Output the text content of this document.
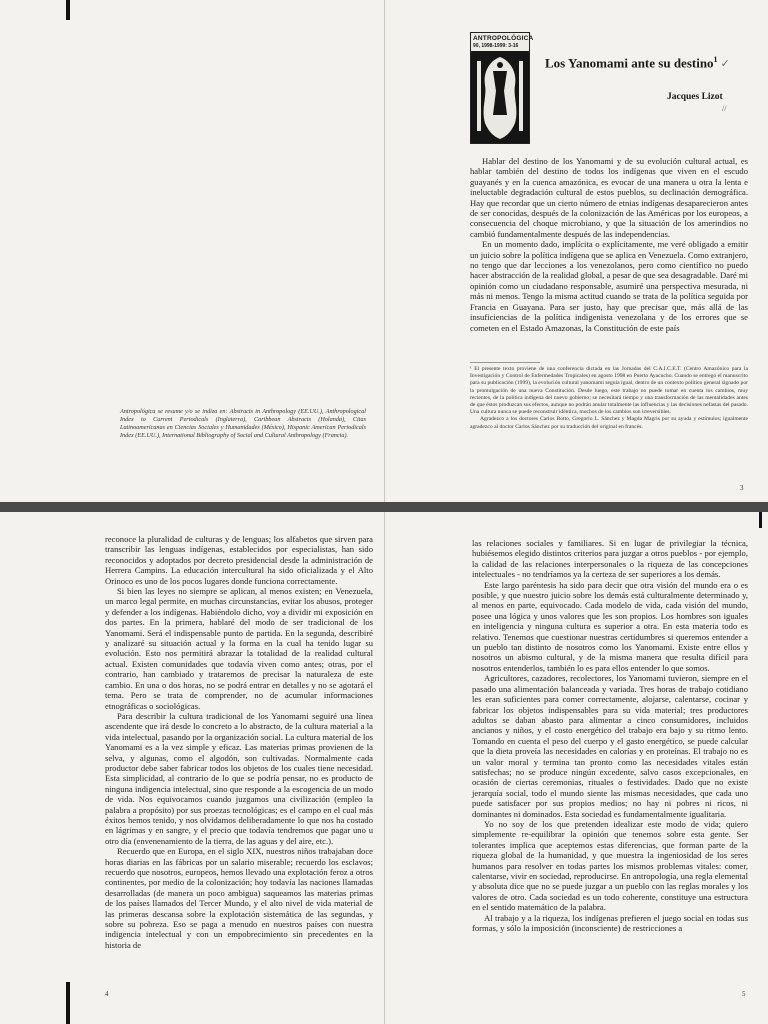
ANTROPOLÓGICA
90, 1998-1999: 3-16
Los Yanomami ante su destino$^1$ ✓
Jacques Lizot
//
Antropológica se resume y/o se indiza en: Abstracts in Anthropology (EE.UU.), Anthropological Index to Current Periodicals (Inglaterra), Caribbean Abstracts (Holanda), Citas Latinoamericanas en Ciencias Sociales y Humanidades (México), Hispanic American Periodicals Index (EE.UU.), International Bibliography of Social and Cultural Anthropology (Francia).

Hablar del destino de los Yanomami y de su evolución cultural actual, es hablar también del destino de todos los indígenas que viven en el escudo guayanés y en la cuenca amazónica, es evocar de una manera u otra la lenta e ineluctable degradación cultural de estos pueblos, su declinación demográfica. Hay que recordar que un cierto número de etnias indígenas desaparecieron antes de ser conocidas, después de la colonización de las Américas por los europeos, a consecuencia del choque microbiano, y que la situación de los amerindios no cambió fundamentalmente después de las independencias.

En un momento dado, implícita o explícitamente, me veré obligado a emitir un juicio sobre la política indígena que se aplica en Venezuela. Como extranjero, no tengo que dar lecciones a los venezolanos, pero como científico no puedo hacer abstracción de la realidad global, a pesar de que sea desagradable. Daré mi opinión como un ciudadano responsable, asumiré una perspectiva mesurada, ni más ni menos. Tengo la misma actitud cuando se trata de la política seguida por Francia en Guayana. Para ser justo, hay que precisar que, más allá de las insuficiencias de la política indigenista venezolana y de los errores que se cometen en el Estado Amazonas, la Constitución de este país

¹ El presente texto proviene de una conferencia dictada en las Jornadas del C.A.I.C.E.T. (Centro Amazónico para la Investigación y Control de Enfermedades Tropicales) en agosto 1998 en Puerto Ayacucho. Cuando se entregó el manuscrito para su publicación (1999), la evolución cultural yanomami seguía igual, dentro de un contexto político general signado por la promulgación de una nueva Constitución. Desde luego, este trabajo no puede tomar en cuenta los cambios, muy recientes, de la política indígena del nuevo gobierno; se necesitará tiempo y una transformación de las mentalidades antes de que éstos produzcan sus efectos, aunque no podrán anular totalmente las influencias y las decisiones nefastas del pasado. Una cultura nunca se puede reconstruir idéntica, muchos de los cambios son irreversibles.

Agradezco a los doctores Carlos Botto, Gregorio L. Sánchez y Magda Magris por su ayuda y estímulos; igualmente agradezco al doctor Carlos Sánchez por su traducción del original en francés.

3

reconoce la pluralidad de culturas y de lenguas; los alfabetos que sirven para transcribir las lenguas indígenas, establecidos por especialistas, han sido reconocidos y adoptados por decreto presidencial desde la administración de Herrera Campins. La educación intercultural ha sido oficializada y el Alto Orinoco es uno de los pocos lugares donde funciona correctamente.

Si bien las leyes no siempre se aplican, al menos existen; en Venezuela, un marco legal permite, en muchas circunstancias, evitar los abusos, proteger y defender a los indígenas. Habiéndolo dicho, voy a dividir mi exposición en dos partes. En la primera, hablaré del modo de ser tradicional de los Yanomami. Será el indispensable punto de partida. En la segunda, describiré y analizaré su situación actual y la forma en la cual ha tenido lugar su evolución. Esto nos permitirá abrazar la totalidad de la realidad cultural actual. Existen comunidades que todavía viven como antes; otras, por el contrario, han cambiado y trataremos de precisar la naturaleza de este cambio. En una o dos horas, no se podrá entrar en detalles y no se agotará el tema. Pero se trata de comprender, no de acumular informaciones etnográficas o sociológicas.

Para describir la cultura tradicional de los Yanomami seguiré una línea ascendente que irá desde lo concreto a lo abstracto, de la cultura material a la vida intelectual, pasando por la organización social. La cultura material de los Yanomami es a la vez simple y eficaz. Las materias primas provienen de la selva, y algunas, como el algodón, son cultivadas. Normalmente cada productor debe saber fabricar todos los objetos de los cuales tiene necesidad. Esta simplicidad, al contrario de lo que se podría pensar, no es producto de ninguna indigencia intelectual, sino que responde a la escogencia de un modo de vida. Nos equivocamos cuando juzgamos una civilización (empleo la palabra a propósito) por sus proezas tecnológicas; es el campo en el cual más éxitos hemos tenido, y nos olvidamos deliberadamente lo que nos ha costado en lágrimas y en sangre, y el precio que todavía tendremos que pagar uno u otro día (envenenamiento de la tierra, de las aguas y del aire, etc.).

Recuerdo que en Europa, en el siglo XIX, nuestros niños trabajaban doce horas diarias en las fábricas por un salario miserable; recuerdo los esclavos; recuerdo que nosotros, europeos, hemos llevado una explotación feroz a otros continentes, por medio de la colonización; hoy todavía las naciones llamadas desarrolladas (de manera un poco ambigua) saqueamos las materias primas de los países llamados del Tercer Mundo, y el alto nivel de vida material de las primeras descansa sobre la explotación sistemática de las segundas, y sobre su pobreza. Eso se paga a menudo en nuestros países con nuestra indigencia intelectual y con un empobrecimiento sin precedentes en la historia de

4

las relaciones sociales y familiares. Si en lugar de privilegiar la técnica, hubiésemos elegido distintos criterios para juzgar a otros pueblos - por ejemplo, la calidad de las relaciones interpersonales o la riqueza de las concepciones intelectuales - no tendríamos ya la certeza de ser superiores a los demás.

Este largo paréntesis ha sido para decir que otra visión del mundo era o es posible, y que nuestro juicio sobre los demás está culturalmente determinado y, al menos en parte, equivocado. Cada modelo de vida, cada visión del mundo, posee una lógica y unos valores que les son propios. Los hombres son iguales en inteligencia y ninguna cultura es superior a otra. En esta materia todo es relativo. Tenemos que cuestionar nuestras certidumbres si queremos entender a un pueblo tan distinto de nosotros como los Yanomami. Existe entre ellos y nosotros un abismo cultural, y de la misma manera que resulta difícil para nosotros entenderlos, también lo es para ellos entender lo que somos.

Agricultores, cazadores, recolectores, los Yanomami tuvieron, siempre en el pasado una alimentación balanceada y variada. Tres horas de trabajo cotidiano les eran suficientes para comer correctamente, alojarse, calentarse, cocinar y fabricar los objetos indispensables para su vida material; tres productores adultos se daban abasto para alimentar a cinco consumidores, incluidos ancianos y niños, y el costo energético del trabajo era bajo y su ritmo lento. Tomando en cuenta el peso del cuerpo y el gasto energético, se puede calcular que la dieta proveía las necesidades en calorías y en proteínas. El trabajo no es un valor moral y termina tan pronto como las necesidades vitales están satisfechas; no se produce ningún excedente, salvo casos excepcionales, en ocasión de ciertas ceremonias, rituales o festividades. Dado que no existe jerarquía social, todo el mundo siente las mismas necesidades, que cada uno puede satisfacer por sus propios medios; no hay ni pobres ni ricos, ni dominantes ni dominados. Esta sociedad es fundamentalmente igualitaria.

Yo no soy de los que pretenden idealizar este modo de vida; quiero simplemente re-equilibrar la opinión que tenemos sobre esta gente. Ser tolerantes implica que aceptemos estas diferencias, que forman parte de la riqueza global de la humanidad, y que muestra la ingeniosidad de los seres humanos para resolver en todas partes los mismos problemas vitales: comer, calentarse, vivir en sociedad, reproducirse. En antropología, una regla elemental y absoluta dice que no se puede juzgar a un pueblo con las reglas morales y los valores de otro. Cada sociedad es un todo coherente, constituye una estructura en el sentido matemático de la palabra.

Al trabajo y a la riqueza, los indígenas prefieren el juego social en todas sus formas, y sólo la imposición (inconsciente) de restricciones a

5
